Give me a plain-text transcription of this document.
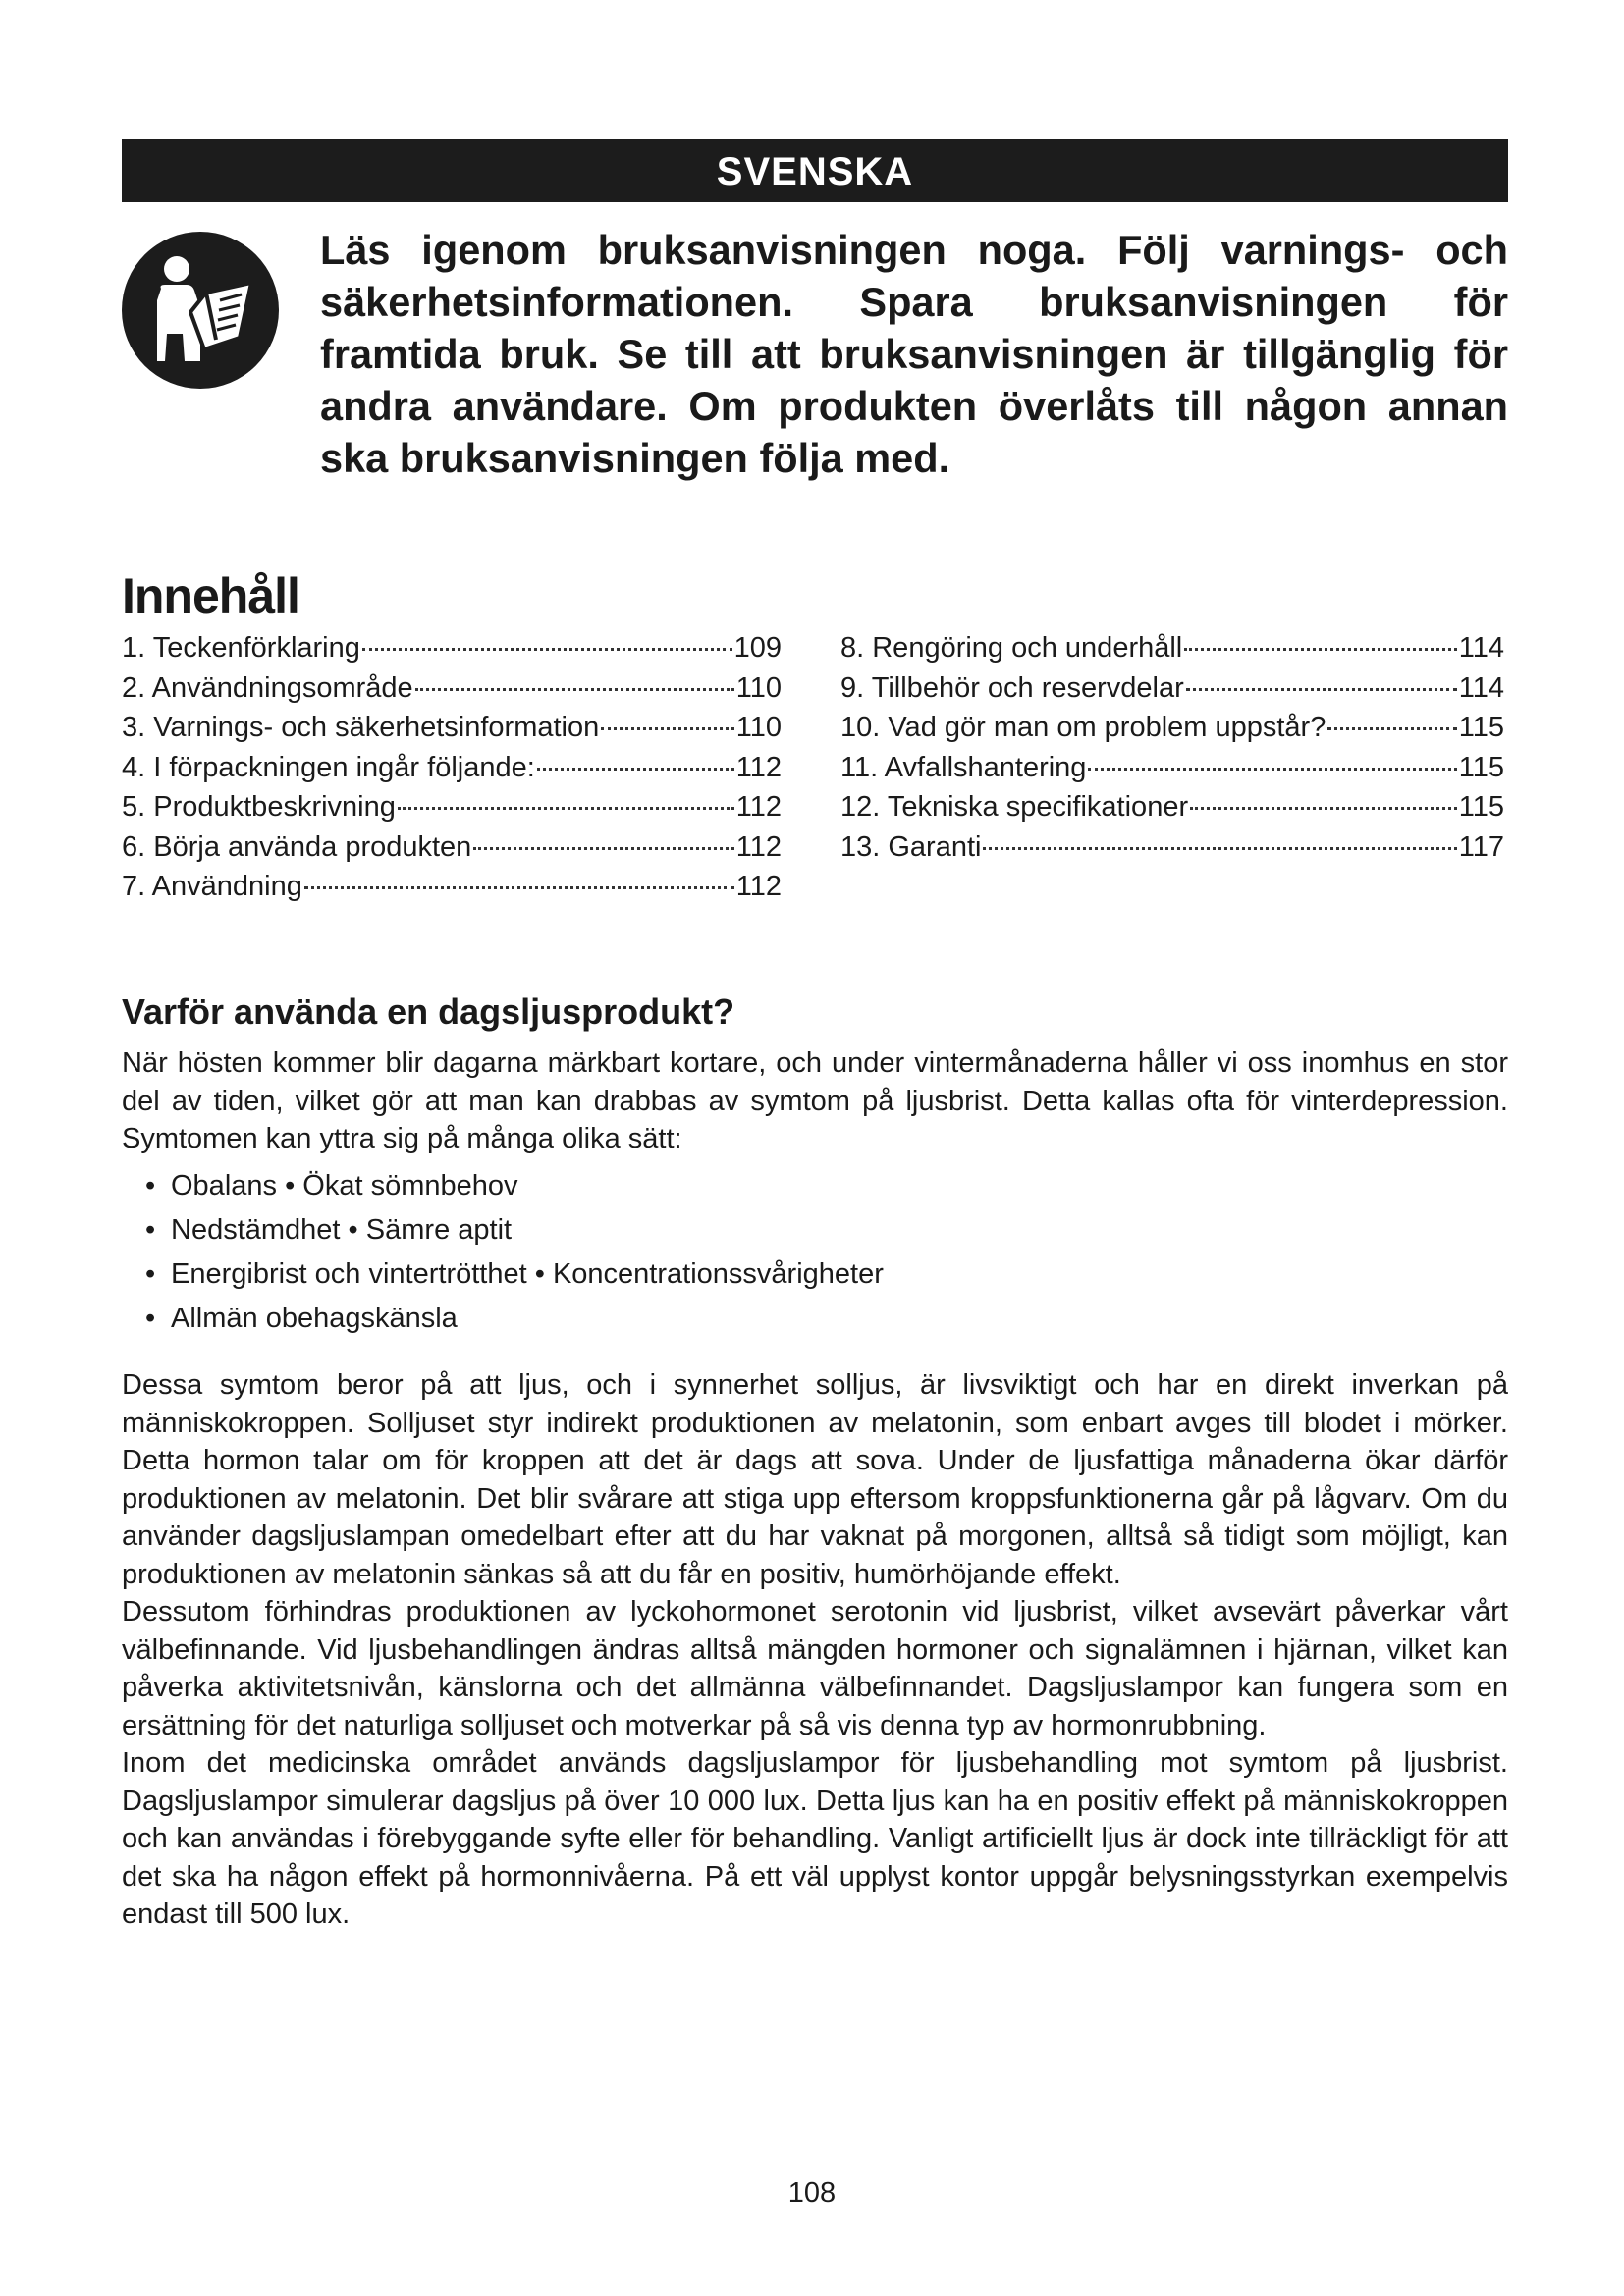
SVENSKA

Läs igenom bruksanvisningen noga. Följ varnings- och säkerhetsinformationen. Spara bruksanvisningen för framtida bruk. Se till att bruksanvisningen är tillgänglig för andra användare. Om produkten överlåts till någon annan ska bruksanvisningen följa med.

Innehåll
1. Teckenförklaring	109
2. Användningsområde	110
3. Varnings- och säkerhetsinformation	110
4. I förpackningen ingår följande:	112
5. Produktbeskrivning	112
6. Börja använda produkten	112
7. Användning	112
8. Rengöring och underhåll	114
9. Tillbehör och reservdelar	114
10. Vad gör man om problem uppstår?	115
11. Avfallshantering	115
12. Tekniska specifikationer	115
13. Garanti	117
Varför använda en dagsljusprodukt?

När hösten kommer blir dagarna märkbart kortare, och under vintermånaderna håller vi oss inomhus en stor del av tiden, vilket gör att man kan drabbas av symtom på ljusbrist. Detta kallas ofta för vinterdepression. Symtomen kan yttra sig på många olika sätt:

• Obalans • Ökat sömnbehov
• Nedstämdhet • Sämre aptit
• Energibrist och vintertrötthet • Koncentrationssvårigheter
• Allmän obehagskänsla
Dessa symtom beror på att ljus, och i synnerhet solljus, är livsviktigt och har en direkt inverkan på människokroppen. Solljuset styr indirekt produktionen av melatonin, som enbart avges till blodet i mörker. Detta hormon talar om för kroppen att det är dags att sova. Under de ljusfattiga månaderna ökar därför produktionen av melatonin. Det blir svårare att stiga upp eftersom kroppsfunktionerna går på lågvarv. Om du använder dagsljuslampan omedelbart efter att du har vaknat på morgonen, alltså så tidigt som möjligt, kan produktionen av melatonin sänkas så att du får en positiv, humörhöjande effekt.
Dessutom förhindras produktionen av lyckohormonet serotonin vid ljusbrist, vilket avsevärt påverkar vårt välbefinnande. Vid ljusbehandlingen ändras alltså mängden hormoner och signalämnen i hjärnan, vilket kan påverka aktivitetsnivån, känslorna och det allmänna välbefinnandet. Dagsljuslampor kan fungera som en ersättning för det naturliga solljuset och motverkar på så vis denna typ av hormonrubbning.
Inom det medicinska området används dagsljuslampor för ljusbehandling mot symtom på ljusbrist. Dagsljuslampor simulerar dagsljus på över 10 000 lux. Detta ljus kan ha en positiv effekt på människokroppen och kan användas i förebyggande syfte eller för behandling. Vanligt artificiellt ljus är dock inte tillräckligt för att det ska ha någon effekt på hormonnivåerna. På ett väl upplyst kontor uppgår belysningsstyrkan exempelvis endast till 500 lux.

108
